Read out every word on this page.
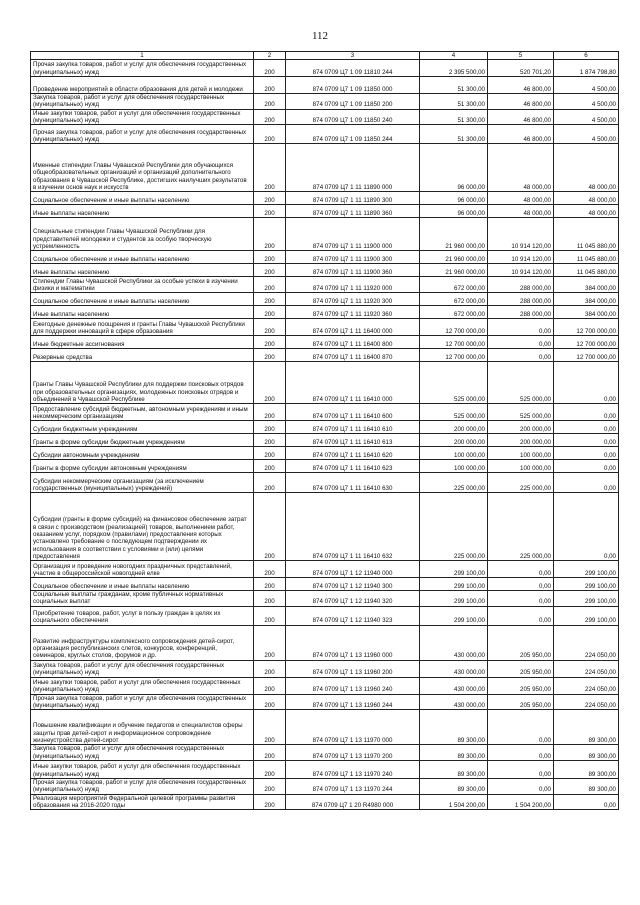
112
1	2	3	4	5	6
Прочая закупка товаров, работ и услуг для обеспечения государственных (муниципальных) нужд	200	874 0709 Ц7 1 09 11810 244	2 395 500,00	520 701,20	1 874 798,80
Проведение мероприятий в области образования для детей и молодежи	200	874 0709 Ц7 1 09 11850 000	51 300,00	46 800,00	4 500,00
Закупка товаров, работ и услуг для обеспечения государственных (муниципальных) нужд	200	874 0709 Ц7 1 09 11850 200	51 300,00	46 800,00	4 500,00
Иные закупки товаров, работ и услуг для обеспечения государственных (муниципальных) нужд	200	874 0709 Ц7 1 09 11850 240	51 300,00	46 800,00	4 500,00
Прочая закупка товаров, работ и услуг для обеспечения государственных (муниципальных) нужд	200	874 0709 Ц7 1 09 11850 244	51 300,00	46 800,00	4 500,00
Именные стипендии Главы Чувашской Республики для обучающихся общеобразовательных организаций и организаций дополнительного образования в Чувашской Республике, достигших наилучших результатов в изучении основ наук и искусств	200	874 0709 Ц7 1 11 11890 000	96 000,00	48 000,00	48 000,00
Социальное обеспечение и иные выплаты населению	200	874 0709 Ц7 1 11 11890 300	96 000,00	48 000,00	48 000,00
Иные выплаты населению	200	874 0709 Ц7 1 11 11890 360	96 000,00	48 000,00	48 000,00
Специальные стипендии Главы Чувашской Республики для представителей молодежи и студентов за особую творческую устремленность	200	874 0709 Ц7 1 11 11900 000	21 960 000,00	10 914 120,00	11 045 880,00
Социальное обеспечение и иные выплаты населению	200	874 0709 Ц7 1 11 11900 300	21 960 000,00	10 914 120,00	11 045 880,00
Иные выплаты населению	200	874 0709 Ц7 1 11 11900 360	21 960 000,00	10 914 120,00	11 045 880,00
Стипендии Главы Чувашской Республики за особые успехи в изучении физики и математики	200	874 0709 Ц7 1 11 11920 000	672 000,00	288 000,00	384 000,00
Социальное обеспечение и иные выплаты населению	200	874 0709 Ц7 1 11 11920 300	672 000,00	288 000,00	384 000,00
Иные выплаты населению	200	874 0709 Ц7 1 11 11920 360	672 000,00	288 000,00	384 000,00
Ежегодные денежные поощрения и гранты Главы Чувашской Республики для поддержки инноваций в сфере образования	200	874 0709 Ц7 1 11 16400 000	12 700 000,00	0,00	12 700 000,00
Иные бюджетные ассигнования	200	874 0709 Ц7 1 11 16400 800	12 700 000,00	0,00	12 700 000,00
Резервные средства	200	874 0709 Ц7 1 11 16400 870	12 700 000,00	0,00	12 700 000,00
Гранты Главы Чувашской Республики для поддержки поисковых отрядов при образовательных организациях, молодежных поисковых отрядов и объединений в Чувашской Республике	200	874 0709 Ц7 1 11 16410 000	525 000,00	525 000,00	0,00
Предоставление субсидий бюджетным, автономным учреждениям и иным некоммерческим организациям	200	874 0709 Ц7 1 11 16410 600	525 000,00	525 000,00	0,00
Субсидии бюджетным учреждениям	200	874 0709 Ц7 1 11 16410 610	200 000,00	200 000,00	0,00
Гранты в форме субсидии бюджетным учреждениям	200	874 0709 Ц7 1 11 16410 613	200 000,00	200 000,00	0,00
Субсидии автономным учреждениям	200	874 0709 Ц7 1 11 16410 620	100 000,00	100 000,00	0,00
Гранты в форме субсидии автономным учреждениям	200	874 0709 Ц7 1 11 16410 623	100 000,00	100 000,00	0,00
Субсидии некоммерческим организациям (за исключением государственных (муниципальных) учреждений)	200	874 0709 Ц7 1 11 16410 630	225 000,00	225 000,00	0,00
Субсидии (гранты в форме субсидий) на финансовое обеспечение затрат в связи с производством (реализацией) товаров, выполнением работ, оказанием услуг, порядком (правилами) предоставления которых установлено требование о последующем подтверждении их использования в соответствии с условиями и (или) целями предоставления	200	874 0709 Ц7 1 11 16410 632	225 000,00	225 000,00	0,00
Организация и проведение новогодних праздничных представлений, участие в общероссийской новогодней елке	200	874 0709 Ц7 1 12 11940 000	299 100,00	0,00	299 100,00
Социальное обеспечение и иные выплаты населению	200	874 0709 Ц7 1 12 11940 300	299 100,00	0,00	299 100,00
Социальные выплаты гражданам, кроме публичных нормативных социальных выплат	200	874 0709 Ц7 1 12 11940 320	299 100,00	0,00	299 100,00
Приобретение товаров, работ, услуг в пользу граждан в целях их социального обеспечения	200	874 0709 Ц7 1 12 11940 323	299 100,00	0,00	299 100,00
Развитие инфраструктуры комплексного сопровождения детей-сирот, организация республиканских слетов, конкурсов, конференций, семинаров, круглых столов, форумов и др.	200	874 0709 Ц7 1 13 11960 000	430 000,00	205 950,00	224 050,00
Закупка товаров, работ и услуг для обеспечения государственных (муниципальных) нужд	200	874 0709 Ц7 1 13 11960 200	430 000,00	205 950,00	224 050,00
Иные закупки товаров, работ и услуг для обеспечения государственных (муниципальных) нужд	200	874 0709 Ц7 1 13 11960 240	430 000,00	205 950,00	224 050,00
Прочая закупка товаров, работ и услуг для обеспечения государственных (муниципальных) нужд	200	874 0709 Ц7 1 13 11960 244	430 000,00	205 950,00	224 050,00
Повышение квалификации и обучение педагогов и специалистов сферы защиты прав детей-сирот и информационное сопровождение жизнеустройства детей-сирот	200	874 0709 Ц7 1 13 11970 000	89 300,00	0,00	89 300,00
Закупка товаров, работ и услуг для обеспечения государственных (муниципальных) нужд	200	874 0709 Ц7 1 13 11970 200	89 300,00	0,00	89 300,00
Иные закупки товаров, работ и услуг для обеспечения государственных (муниципальных) нужд	200	874 0709 Ц7 1 13 11970 240	89 300,00	0,00	89 300,00
Прочая закупка товаров, работ и услуг для обеспечения государственных (муниципальных) нужд	200	874 0709 Ц7 1 13 11970 244	89 300,00	0,00	89 300,00
Реализация мероприятий Федеральной целевой программы развития образования на 2016-2020 годы	200	874 0709 Ц7 1 20 R4980 000	1 504 200,00	1 504 200,00	0,00
